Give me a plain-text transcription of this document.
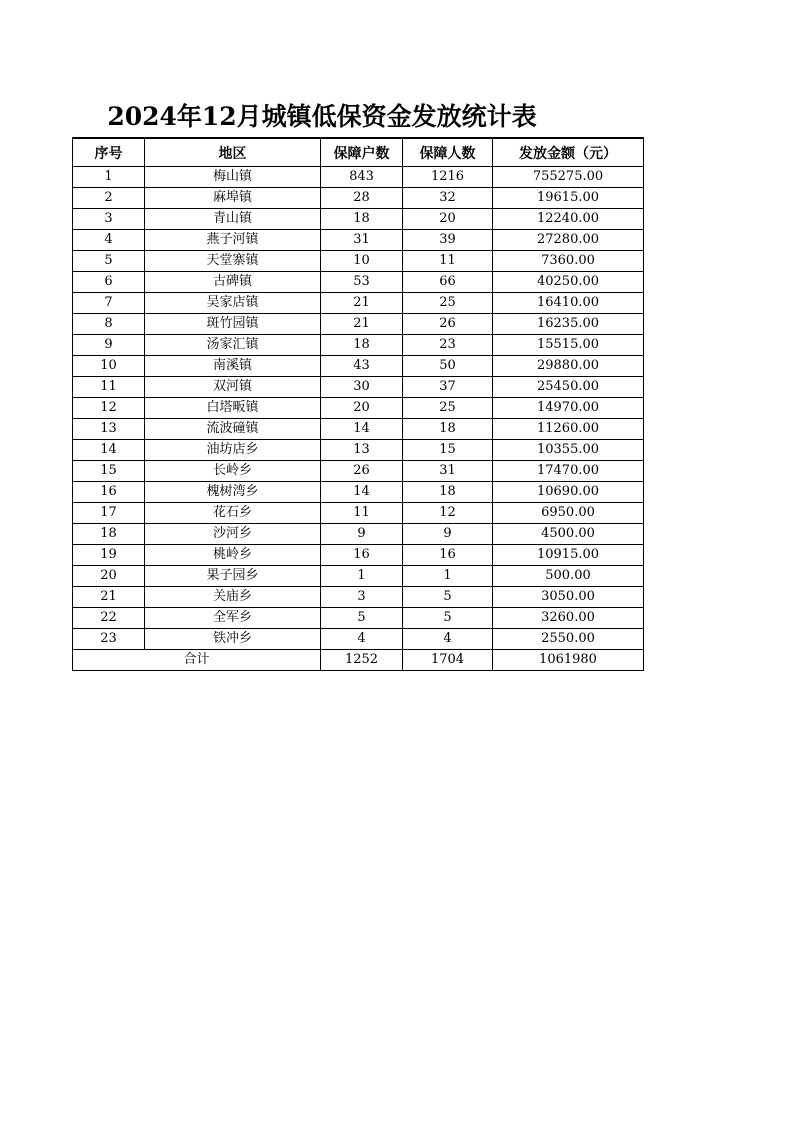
2024年12月城镇低保资金发放统计表
序号	地区	保障户数	保障人数	发放金额（元）
1	梅山镇	843	1216	755275.00
2	麻埠镇	28	32	19615.00
3	青山镇	18	20	12240.00
4	燕子河镇	31	39	27280.00
5	天堂寨镇	10	11	7360.00
6	古碑镇	53	66	40250.00
7	吴家店镇	21	25	16410.00
8	斑竹园镇	21	26	16235.00
9	汤家汇镇	18	23	15515.00
10	南溪镇	43	50	29880.00
11	双河镇	30	37	25450.00
12	白塔畈镇	20	25	14970.00
13	流波䃥镇	14	18	11260.00
14	油坊店乡	13	15	10355.00
15	长岭乡	26	31	17470.00
16	槐树湾乡	14	18	10690.00
17	花石乡	11	12	6950.00
18	沙河乡	9	9	4500.00
19	桃岭乡	16	16	10915.00
20	果子园乡	1	1	500.00
21	关庙乡	3	5	3050.00
22	全军乡	5	5	3260.00
23	铁冲乡	4	4	2550.00
合计		1252	1704	1061980
